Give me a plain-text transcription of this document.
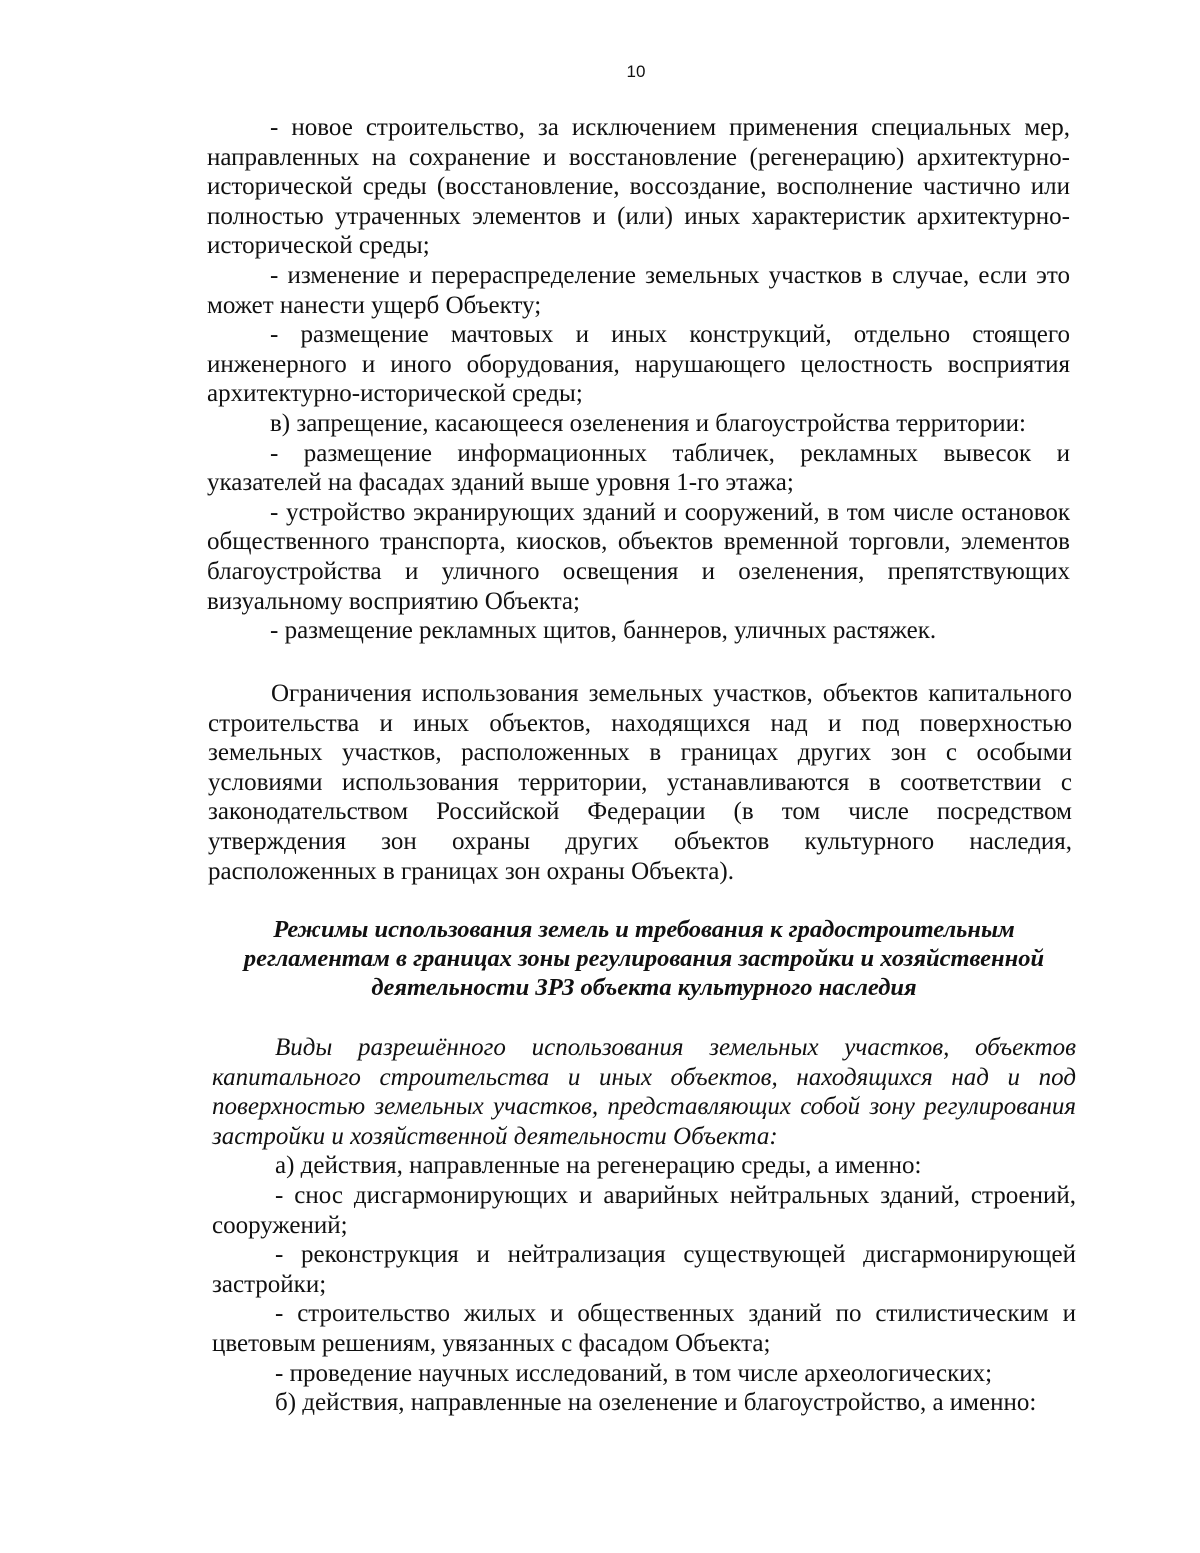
10

- новое строительство, за исключением применения специальных мер, направленных на сохранение и восстановление (регенерацию) архитектурно-исторической среды (восстановление, воссоздание, восполнение частично или полностью утраченных элементов и (или) иных характеристик архитектурно-исторической среды;

- изменение и перераспределение земельных участков в случае, если это может нанести ущерб Объекту;

- размещение мачтовых и иных конструкций, отдельно стоящего инженерного и иного оборудования, нарушающего целостность восприятия архитектурно-исторической среды;

в) запрещение, касающееся озеленения и благоустройства территории:

- размещение информационных табличек, рекламных вывесок и указателей на фасадах зданий выше уровня 1-го этажа;

- устройство экранирующих зданий и сооружений, в том числе остановок общественного транспорта, киосков, объектов временной торговли, элементов благоустройства и уличного освещения и озеленения, препятствующих визуальному восприятию Объекта;

- размещение рекламных щитов, баннеров, уличных растяжек.

Ограничения использования земельных участков, объектов капитального строительства и иных объектов, находящихся над и под поверхностью земельных участков, расположенных в границах других зон с особыми условиями использования территории, устанавливаются в соответствии с законодательством Российской Федерации (в том числе посредством утверждения зон охраны других объектов культурного наследия, расположенных в границах зон охраны Объекта).

Режимы использования земель и требования к градостроительным
регламентам в границах зоны регулирования застройки и хозяйственной
деятельности ЗРЗ объекта культурного наследия

Виды разрешённого использования земельных участков, объектов капитального строительства и иных объектов, находящихся над и под поверхностью земельных участков, представляющих собой зону регулирования застройки и хозяйственной деятельности Объекта:

а) действия, направленные на регенерацию среды, а именно:

- снос дисгармонирующих и аварийных нейтральных зданий, строений, сооружений;

- реконструкция и нейтрализация существующей дисгармонирующей застройки;

- строительство жилых и общественных зданий по стилистическим и цветовым решениям, увязанных с фасадом Объекта;

- проведение научных исследований, в том числе археологических;

б) действия, направленные на озеленение и благоустройство, а именно:
